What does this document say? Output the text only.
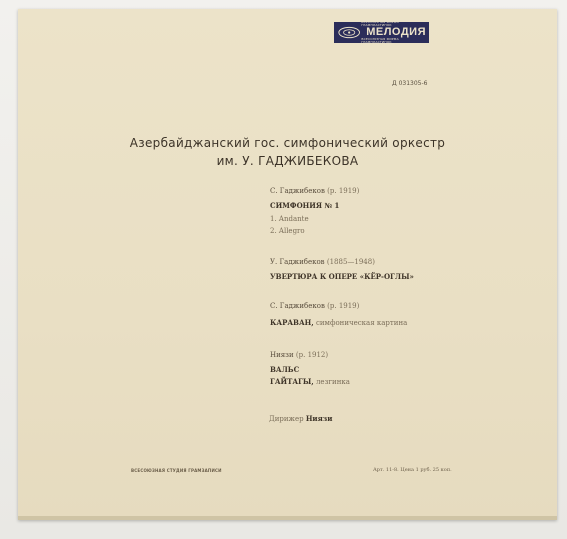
ВСЕСОЮЗНАЯ ФИРМА ГРАМПЛАСТИНОК
МЕЛОДИЯ
ВСЕСОЮЗНАЯ ФИРМА ГРАМПЛАСТИНОК
Д 031305-6
Азербайджанский гос. симфонический оркестр
им. У. ГАДЖИБЕКОВА
С. Гаджибеков (р. 1919)
СИМФОНИЯ № 1
1. Andante
2. Allegro
У. Гаджибеков (1885—1948)
УВЕРТЮРА К ОПЕРЕ «КЁР-ОГЛЫ»
С. Гаджибеков (р. 1919)
КАРАВАН, симфоническая картина
Ниязи (р. 1912)
ВАЛЬС
ГАЙТАГЫ, лезгинка
Дирижер Ниязи
ВСЕСОЮЗНАЯ СТУДИЯ ГРАМЗАПИСИ	Арт. 11-8. Цена 1 руб. 25 коп.
